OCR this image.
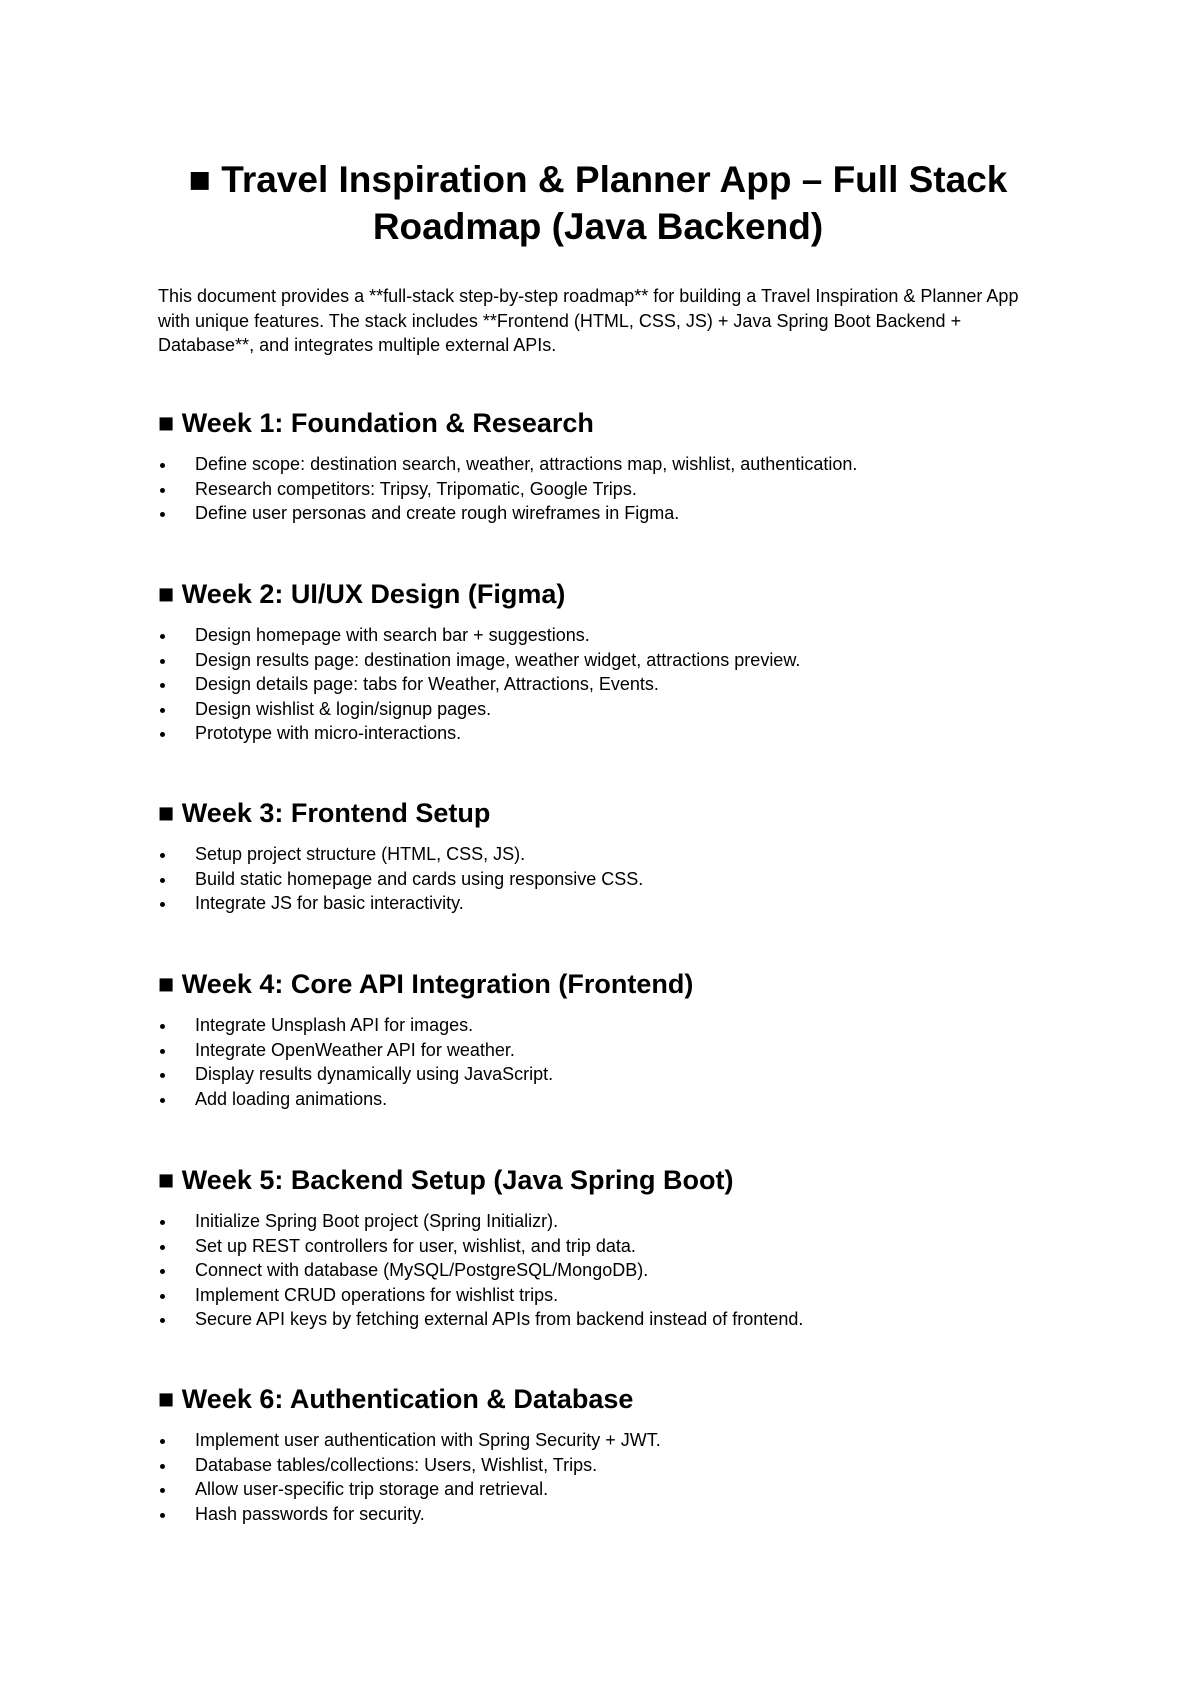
■ Travel Inspiration & Planner App – Full Stack Roadmap (Java Backend)

This document provides a **full-stack step-by-step roadmap** for building a Travel Inspiration & Planner App with unique features. The stack includes **Frontend (HTML, CSS, JS) + Java Spring Boot Backend + Database**, and integrates multiple external APIs.

■ Week 1: Foundation & Research
Define scope: destination search, weather, attractions map, wishlist, authentication.
Research competitors: Tripsy, Tripomatic, Google Trips.
Define user personas and create rough wireframes in Figma.
■ Week 2: UI/UX Design (Figma)
Design homepage with search bar + suggestions.
Design results page: destination image, weather widget, attractions preview.
Design details page: tabs for Weather, Attractions, Events.
Design wishlist & login/signup pages.
Prototype with micro-interactions.
■ Week 3: Frontend Setup
Setup project structure (HTML, CSS, JS).
Build static homepage and cards using responsive CSS.
Integrate JS for basic interactivity.
■ Week 4: Core API Integration (Frontend)
Integrate Unsplash API for images.
Integrate OpenWeather API for weather.
Display results dynamically using JavaScript.
Add loading animations.
■ Week 5: Backend Setup (Java Spring Boot)
Initialize Spring Boot project (Spring Initializr).
Set up REST controllers for user, wishlist, and trip data.
Connect with database (MySQL/PostgreSQL/MongoDB).
Implement CRUD operations for wishlist trips.
Secure API keys by fetching external APIs from backend instead of frontend.
■ Week 6: Authentication & Database
Implement user authentication with Spring Security + JWT.
Database tables/collections: Users, Wishlist, Trips.
Allow user-specific trip storage and retrieval.
Hash passwords for security.
